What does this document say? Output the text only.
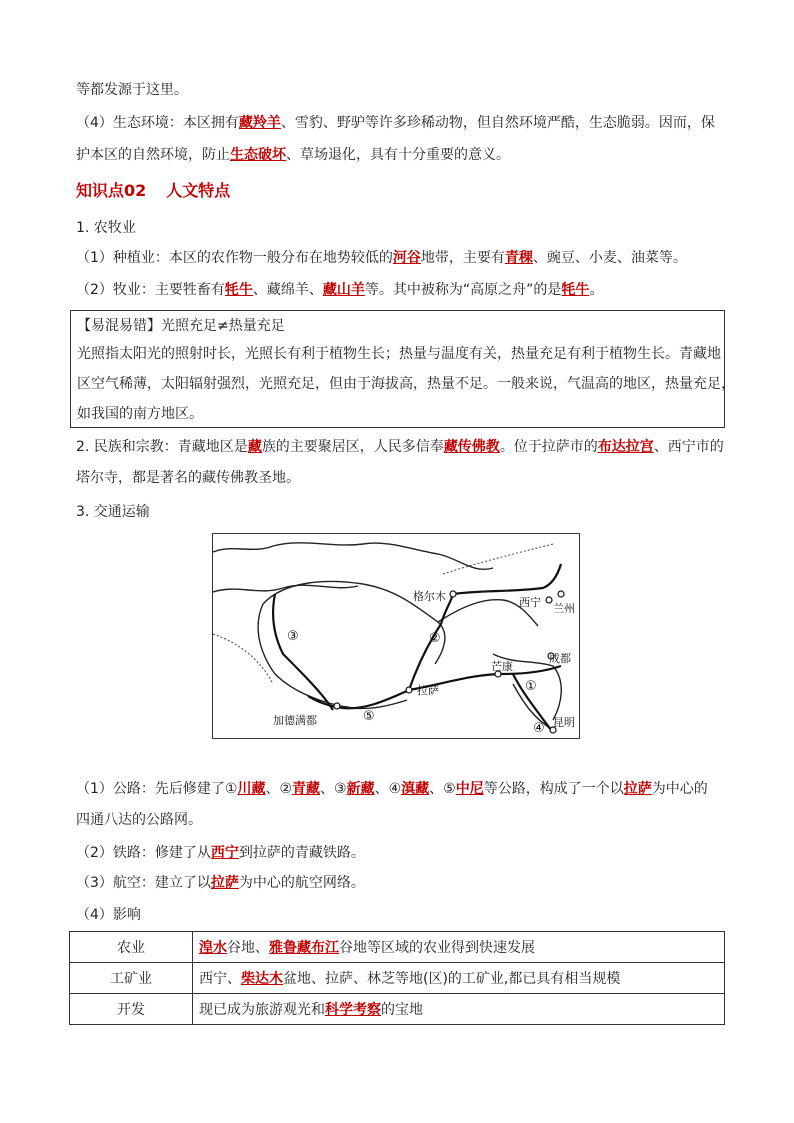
等都发源于这里。
（4）生态环境：本区拥有藏羚羊、雪豹、野驴等许多珍稀动物，但自然环境严酷，生态脆弱。因而，保
护本区的自然环境，防止生态破坏、草场退化，具有十分重要的意义。
知识点02 人文特点
1. 农牧业
（1）种植业：本区的农作物一般分布在地势较低的河谷地带，主要有青稞、豌豆、小麦、油菜等。
（2）牧业：主要牲畜有牦牛、藏绵羊、藏山羊等。其中被称为“高原之舟”的是牦牛。
【易混易错】光照充足≠热量充足
光照指太阳光的照射时长，光照长有利于植物生长；热量与温度有关，热量充足有利于植物生长。青藏地
区空气稀薄，太阳辐射强烈，光照充足，但由于海拔高，热量不足。一般来说，气温高的地区，热量充足，
如我国的南方地区。
2. 民族和宗教：青藏地区是藏族的主要聚居区，人民多信奉藏传佛教。位于拉萨市的布达拉宫、西宁市的
塔尔寺，都是著名的藏传佛教圣地。
3. 交通运输
格尔木	西宁 兰州
成都
拉萨
芒康
加德满都	昆明
①
②
③
④
⑤
（1）公路：先后修建了①川藏、②青藏、③新藏、④滇藏、⑤中尼等公路，构成了一个以拉萨为中心的
四通八达的公路网。
（2）铁路：修建了从西宁到拉萨的青藏铁路。
（3）航空：建立了以拉萨为中心的航空网络。
（4）影响
农业	湟水谷地、雅鲁藏布江谷地等区域的农业得到快速发展
工矿业	西宁、柴达木盆地、拉萨、林芝等地(区)的工矿业,都已具有相当规模
开发	现已成为旅游观光和科学考察的宝地
